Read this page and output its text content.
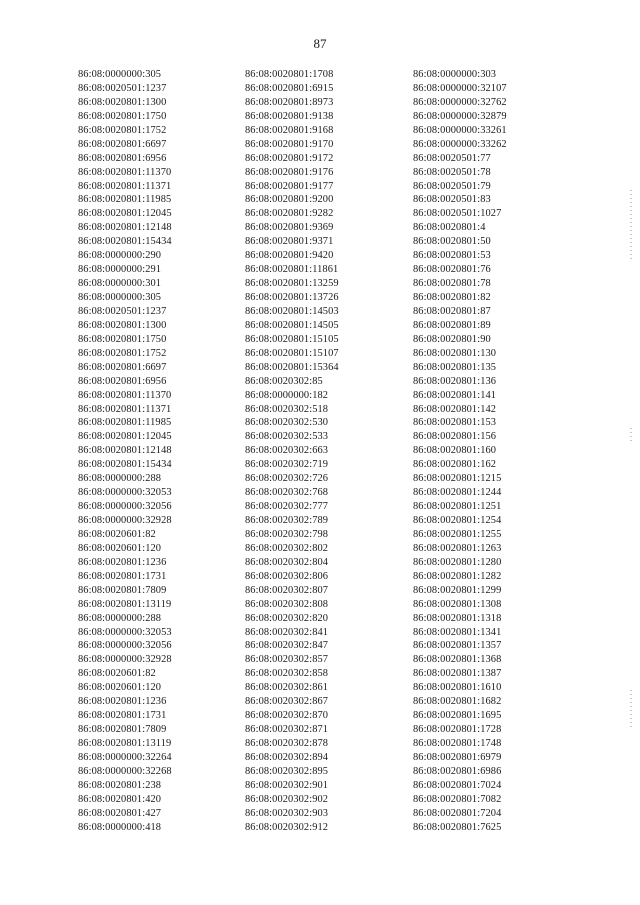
87
86:08:0000000:305
86:08:0020501:1237
86:08:0020801:1300
86:08:0020801:1750
86:08:0020801:1752
86:08:0020801:6697
86:08:0020801:6956
86:08:0020801:11370
86:08:0020801:11371
86:08:0020801:11985
86:08:0020801:12045
86:08:0020801:12148
86:08:0020801:15434
86:08:0000000:290
86:08:0000000:291
86:08:0000000:301
86:08:0000000:305
86:08:0020501:1237
86:08:0020801:1300
86:08:0020801:1750
86:08:0020801:1752
86:08:0020801:6697
86:08:0020801:6956
86:08:0020801:11370
86:08:0020801:11371
86:08:0020801:11985
86:08:0020801:12045
86:08:0020801:12148
86:08:0020801:15434
86:08:0000000:288
86:08:0000000:32053
86:08:0000000:32056
86:08:0000000:32928
86:08:0020601:82
86:08:0020601:120
86:08:0020801:1236
86:08:0020801:1731
86:08:0020801:7809
86:08:0020801:13119
86:08:0000000:288
86:08:0000000:32053
86:08:0000000:32056
86:08:0000000:32928
86:08:0020601:82
86:08:0020601:120
86:08:0020801:1236
86:08:0020801:1731
86:08:0020801:7809
86:08:0020801:13119
86:08:0000000:32264
86:08:0000000:32268
86:08:0020801:238
86:08:0020801:420
86:08:0020801:427
86:08:0000000:418
86:08:0020801:1708
86:08:0020801:6915
86:08:0020801:8973
86:08:0020801:9138
86:08:0020801:9168
86:08:0020801:9170
86:08:0020801:9172
86:08:0020801:9176
86:08:0020801:9177
86:08:0020801:9200
86:08:0020801:9282
86:08:0020801:9369
86:08:0020801:9371
86:08:0020801:9420
86:08:0020801:11861
86:08:0020801:13259
86:08:0020801:13726
86:08:0020801:14503
86:08:0020801:14505
86:08:0020801:15105
86:08:0020801:15107
86:08:0020801:15364
86:08:0020302:85
86:08:0000000:182
86:08:0020302:518
86:08:0020302:530
86:08:0020302:533
86:08:0020302:663
86:08:0020302:719
86:08:0020302:726
86:08:0020302:768
86:08:0020302:777
86:08:0020302:789
86:08:0020302:798
86:08:0020302:802
86:08:0020302:804
86:08:0020302:806
86:08:0020302:807
86:08:0020302:808
86:08:0020302:820
86:08:0020302:841
86:08:0020302:847
86:08:0020302:857
86:08:0020302:858
86:08:0020302:861
86:08:0020302:867
86:08:0020302:870
86:08:0020302:871
86:08:0020302:878
86:08:0020302:894
86:08:0020302:895
86:08:0020302:901
86:08:0020302:902
86:08:0020302:903
86:08:0020302:912
86:08:0000000:303
86:08:0000000:32107
86:08:0000000:32762
86:08:0000000:32879
86:08:0000000:33261
86:08:0000000:33262
86:08:0020501:77
86:08:0020501:78
86:08:0020501:79
86:08:0020501:83
86:08:0020501:1027
86:08:0020801:4
86:08:0020801:50
86:08:0020801:53
86:08:0020801:76
86:08:0020801:78
86:08:0020801:82
86:08:0020801:87
86:08:0020801:89
86:08:0020801:90
86:08:0020801:130
86:08:0020801:135
86:08:0020801:136
86:08:0020801:141
86:08:0020801:142
86:08:0020801:153
86:08:0020801:156
86:08:0020801:160
86:08:0020801:162
86:08:0020801:1215
86:08:0020801:1244
86:08:0020801:1251
86:08:0020801:1254
86:08:0020801:1255
86:08:0020801:1263
86:08:0020801:1280
86:08:0020801:1282
86:08:0020801:1299
86:08:0020801:1308
86:08:0020801:1318
86:08:0020801:1341
86:08:0020801:1357
86:08:0020801:1368
86:08:0020801:1387
86:08:0020801:1610
86:08:0020801:1682
86:08:0020801:1695
86:08:0020801:1728
86:08:0020801:1748
86:08:0020801:6979
86:08:0020801:6986
86:08:0020801:7024
86:08:0020801:7082
86:08:0020801:7204
86:08:0020801:7625
